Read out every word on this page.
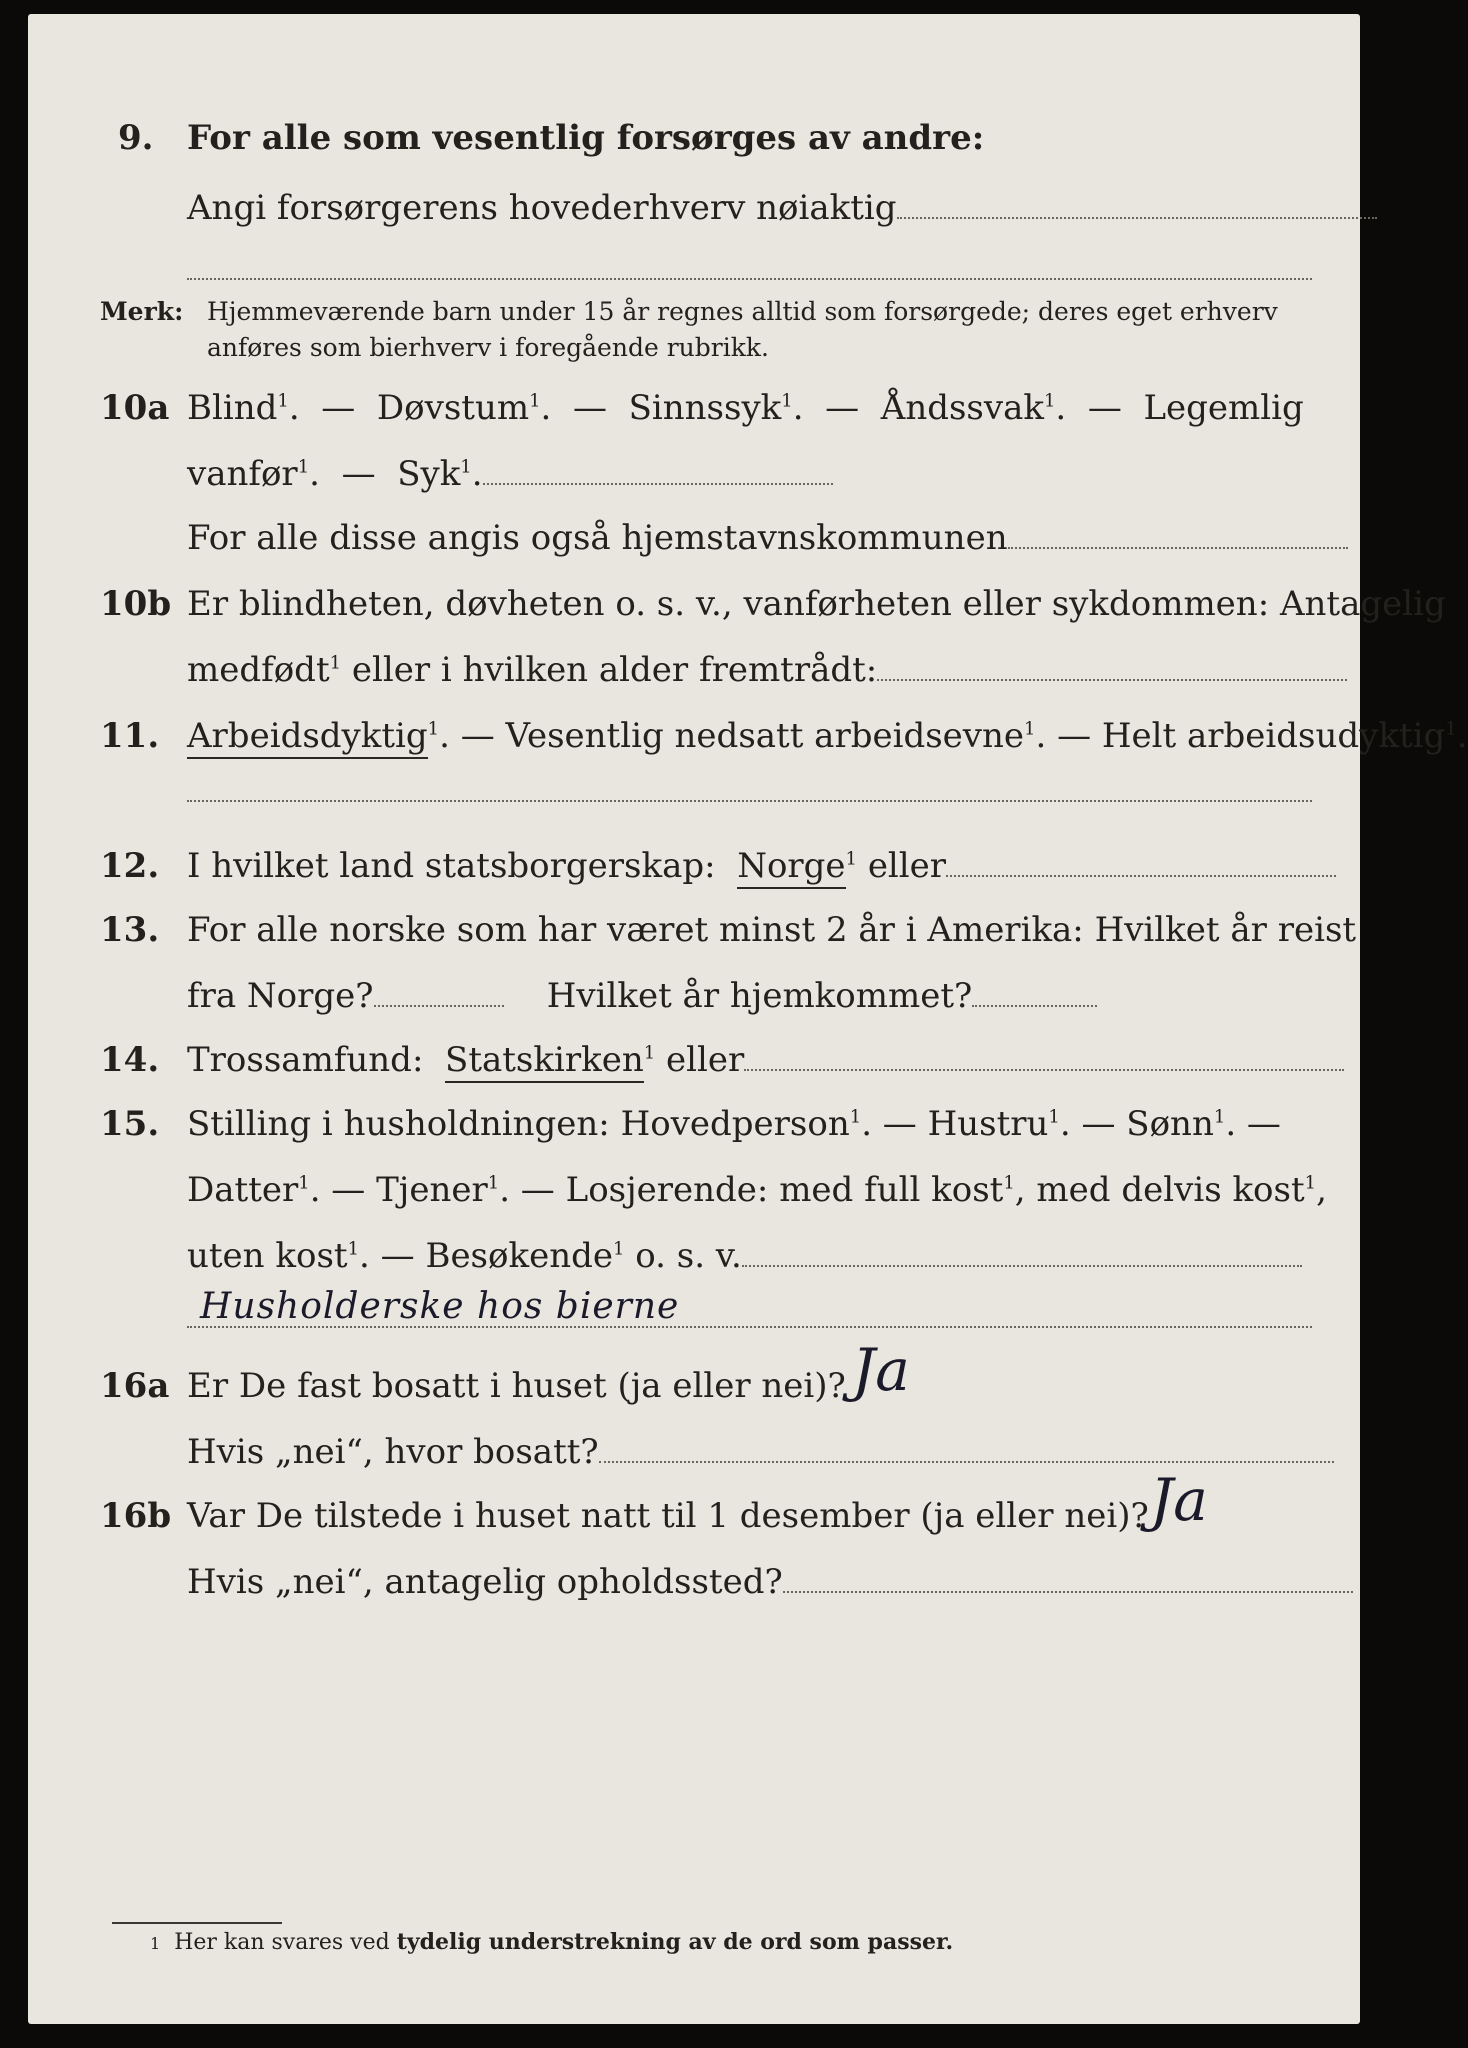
9. For alle som vesentlig forsørges av andre:
Angi forsørgerens hovederhverv nøiaktig
Merk: Hjemmeværende barn under 15 år regnes alltid som forsørgede; deres eget erhverv
anføres som bierhverv i foregående rubrikk.
10a Blind$^1$.  —  Døvstum$^1$.  —  Sinnssyk$^1$.  —  Åndssvak$^1$.  —  Legemlig
vanfør$^1$.  —  Syk$^1$.
For alle disse angis også hjemstavnskommunen
10b Er blindheten, døvheten o. s. v., vanførheten eller sykdommen: Antagelig
medfødt$^1$ eller i hvilken alder fremtrådt:
11. Arbeidsdyktig$^1$. — Vesentlig nedsatt arbeidsevne$^1$. — Helt arbeidsudyktig$^1$.
12. I hvilket land statsborgerskap: Norge$^1$ eller
13. For alle norske som har været minst 2 år i Amerika: Hvilket år reist
fra Norge?	Hvilket år hjemkommet?
14. Trossamfund: Statskirken$^1$ eller
15. Stilling i husholdningen: Hovedperson$^1$. — Hustru$^1$. — Sønn$^1$. —
Datter$^1$. — Tjener$^1$. — Losjerende: med full kost$^1$, med delvis kost$^1$,
uten kost$^1$. — Besøkende$^1$ o. s. v.
Husholderske hos bierne
16a Er De fast bosatt i huset (ja eller nei)? Ja
Hvis „nei“, hvor bosatt?
16b Var De tilstede i huset natt til 1 desember (ja eller nei)? Ja
Hvis „nei“, antagelig opholdssted?
1 Her kan svares ved tydelig understrekning av de ord som passer.
